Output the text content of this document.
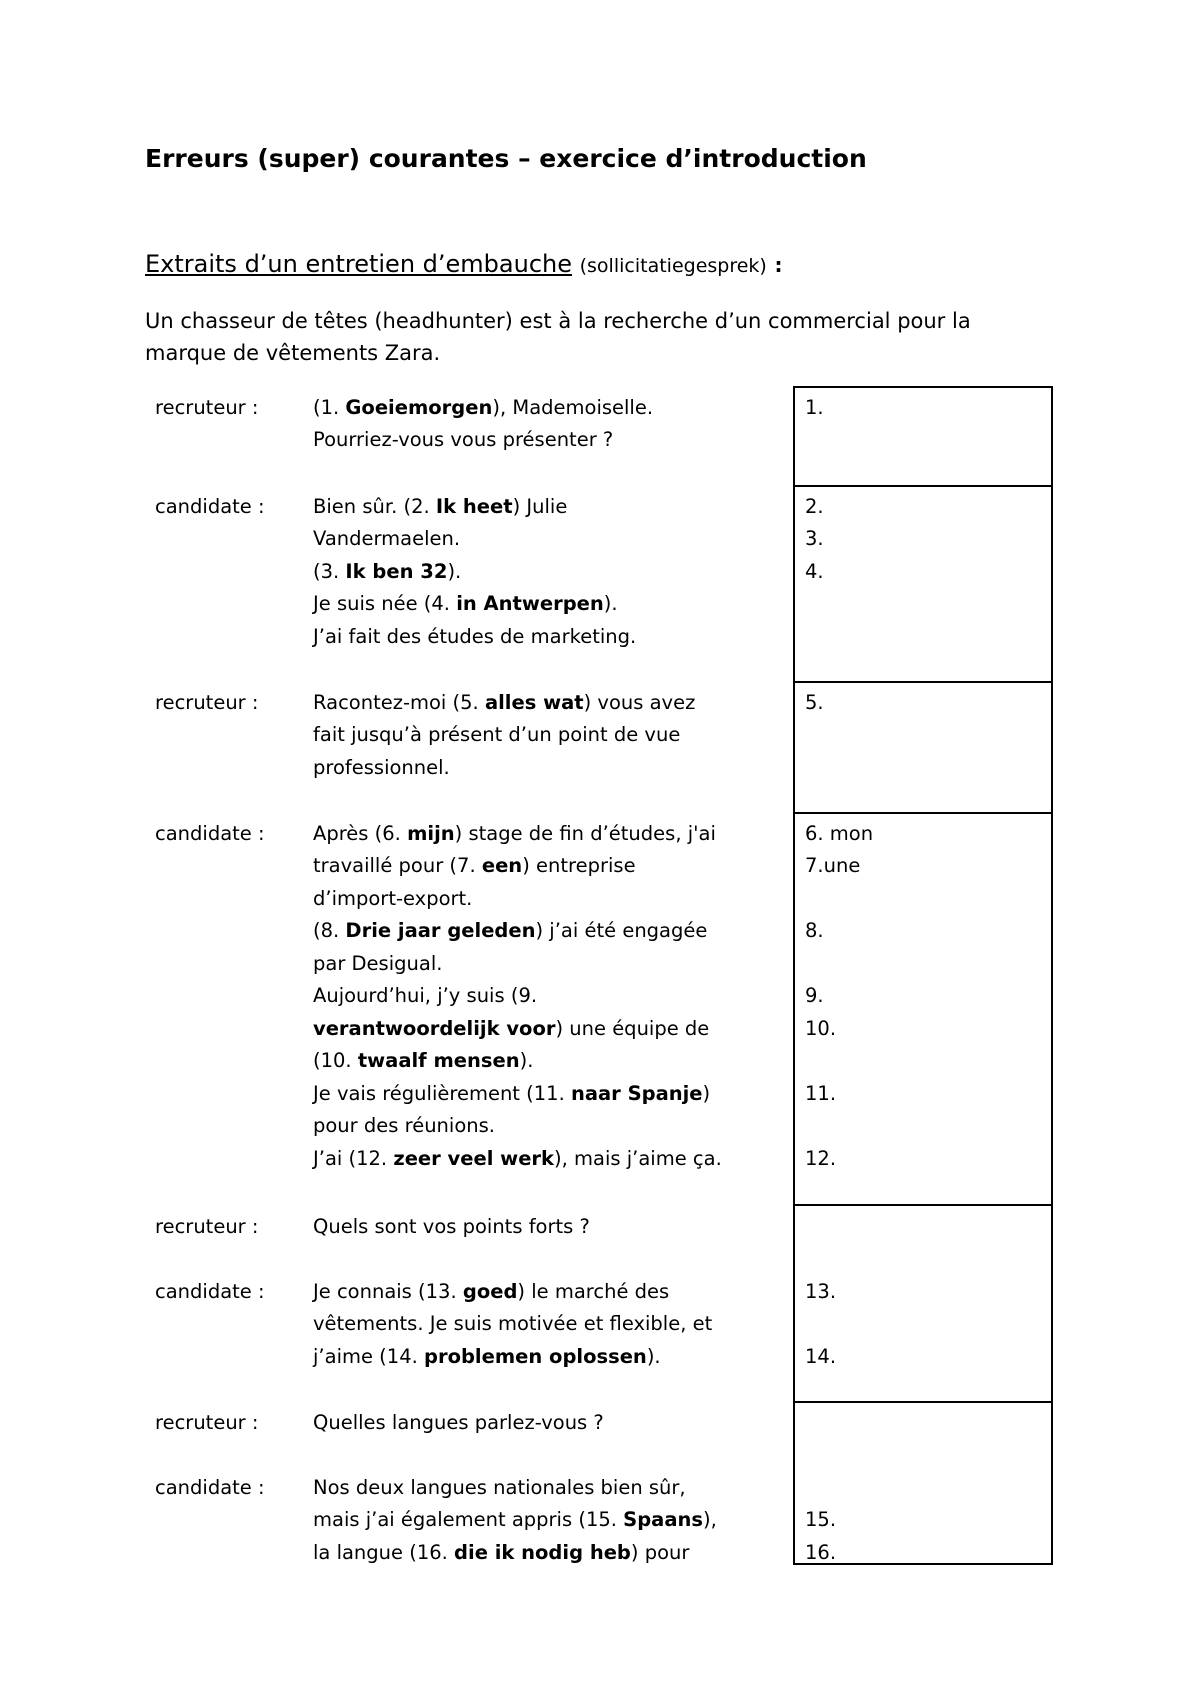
Erreurs (super) courantes – exercice d’introduction

Extraits d’un entretien d’embauche (sollicitatiegesprek) :

Un chasseur de têtes (headhunter) est à la recherche d’un commercial pour la marque de vêtements Zara.

recruteur :
candidate :
recruteur :
candidate :
recruteur :
candidate :
recruteur :
candidate :
(1. Goeiemorgen), Mademoiselle.
Pourriez-vous vous présenter ?
Bien sûr. (2. Ik heet) Julie
Vandermaelen.
(3. Ik ben 32).
Je suis née (4. in Antwerpen).
J’ai fait des études de marketing.
Racontez-moi (5. alles wat) vous avez
fait jusqu’à présent d’un point de vue
professionnel.
Après (6. mijn) stage de fin d’études, j'ai
travaillé pour (7. een) entreprise
d’import-export.
(8. Drie jaar geleden) j’ai été engagée
par Desigual.
Aujourd’hui, j’y suis (9.
verantwoordelijk voor) une équipe de
(10. twaalf mensen).
Je vais régulièrement (11. naar Spanje)
pour des réunions.
J’ai (12. zeer veel werk), mais j’aime ça.
Quels sont vos points forts ?
Je connais (13. goed) le marché des
vêtements. Je suis motivée et flexible, et
j’aime (14. problemen oplossen).
Quelles langues parlez-vous ?
Nos deux langues nationales bien sûr,
mais j’ai également appris (15. Spaans),
la langue (16. die ik nodig heb) pour
1.
2.
3.
4.
5.
6. mon
7.une
8.
9.
10.
11.
12.
13.
14.
15.
16.
